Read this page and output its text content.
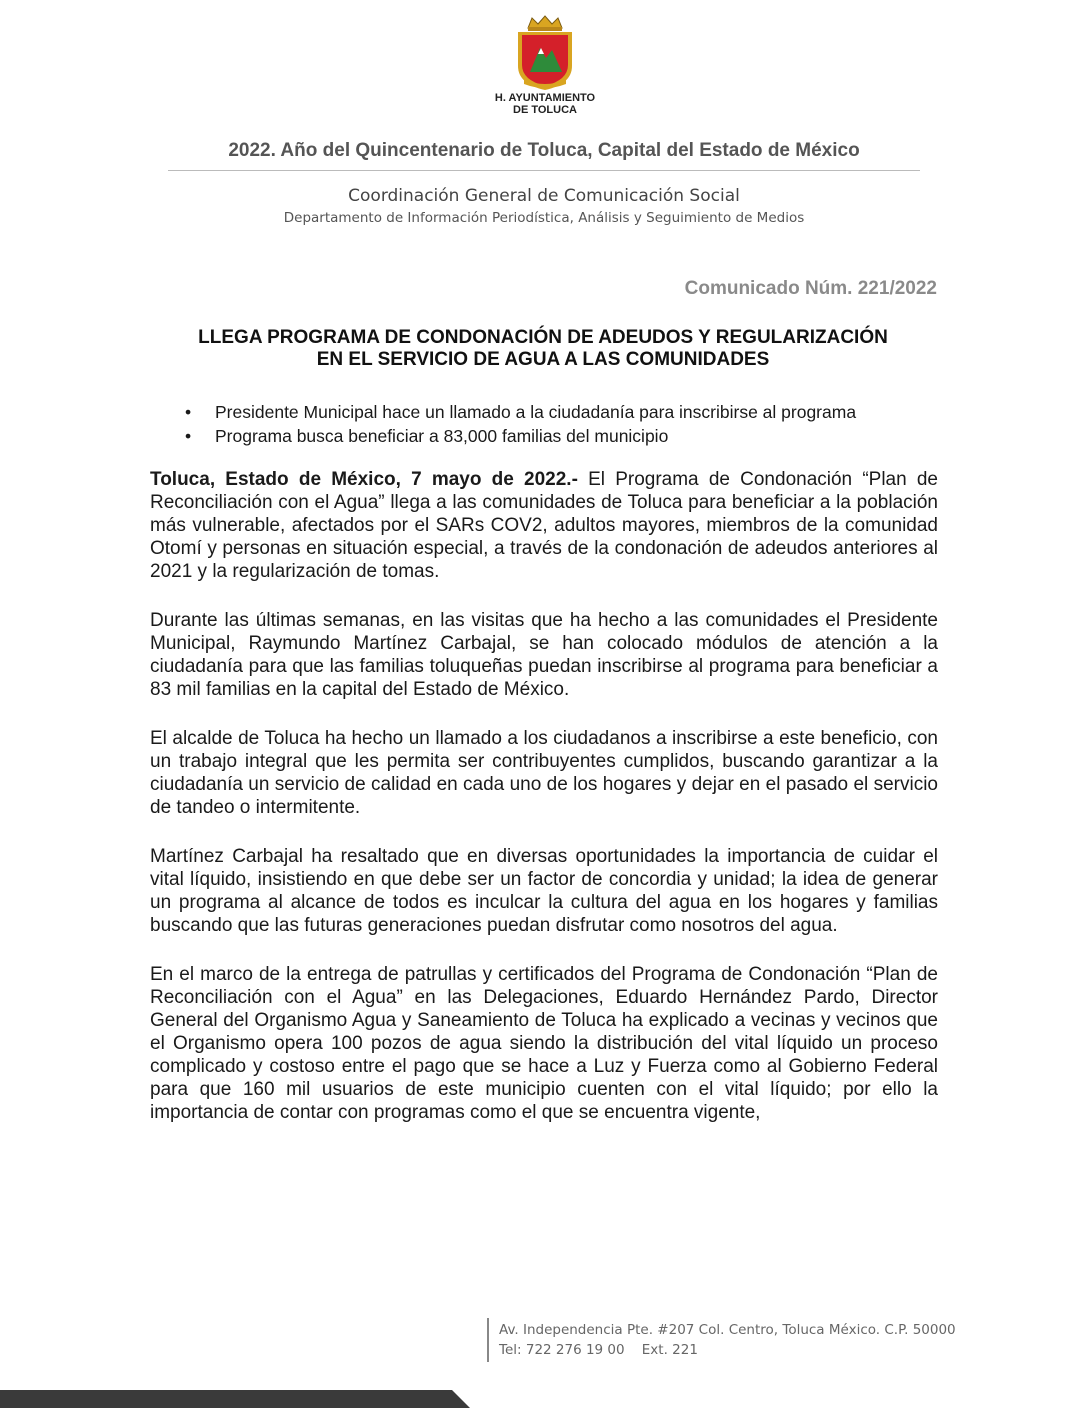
H. AYUNTAMIENTO
DE TOLUCA
2022. Año del Quincentenario de Toluca, Capital del Estado de México
Coordinación General de Comunicación Social
Departamento de Información Periodística, Análisis y Seguimiento de Medios
Comunicado Núm. 221/2022
LLEGA PROGRAMA DE CONDONACIÓN DE ADEUDOS Y REGULARIZACIÓN
EN EL SERVICIO DE AGUA A LAS COMUNIDADES
• Presidente Municipal hace un llamado a la ciudadanía para inscribirse al programa
• Programa busca beneficiar a 83,000 familias del municipio

Toluca, Estado de México, 7 mayo de 2022.- El Programa de Condonación “Plan de Reconciliación con el Agua” llega a las comunidades de Toluca para beneficiar a la población más vulnerable, afectados por el SARs COV2, adultos mayores, miembros de la comunidad Otomí y personas en situación especial, a través de la condonación de adeudos anteriores al 2021 y la regularización de tomas.

Durante las últimas semanas, en las visitas que ha hecho a las comunidades el Presidente Municipal, Raymundo Martínez Carbajal, se han colocado módulos de atención a la ciudadanía para que las familias toluqueñas puedan inscribirse al programa para beneficiar a 83 mil familias en la capital del Estado de México.

El alcalde de Toluca ha hecho un llamado a los ciudadanos a inscribirse a este beneficio, con un trabajo integral que les permita ser contribuyentes cumplidos, buscando garantizar a la ciudadanía un servicio de calidad en cada uno de los hogares y dejar en el pasado el servicio de tandeo o intermitente.

Martínez Carbajal ha resaltado que en diversas oportunidades la importancia de cuidar el vital líquido, insistiendo en que debe ser un factor de concordia y unidad; la idea de generar un programa al alcance de todos es inculcar la cultura del agua en los hogares y familias buscando que las futuras generaciones puedan disfrutar como nosotros del agua.

En el marco de la entrega de patrullas y certificados del Programa de Condonación “Plan de Reconciliación con el Agua” en las Delegaciones, Eduardo Hernández Pardo, Director General del Organismo Agua y Saneamiento de Toluca ha explicado a vecinas y vecinos que el Organismo opera 100 pozos de agua siendo la distribución del vital líquido un proceso complicado y costoso entre el pago que se hace a Luz y Fuerza como al Gobierno Federal para que 160 mil usuarios de este municipio cuenten con el vital líquido; por ello la importancia de contar con programas como el que se encuentra vigente,

Av. Independencia Pte. #207 Col. Centro, Toluca México. C.P. 50000
Tel: 722 276 19 00    Ext. 221
